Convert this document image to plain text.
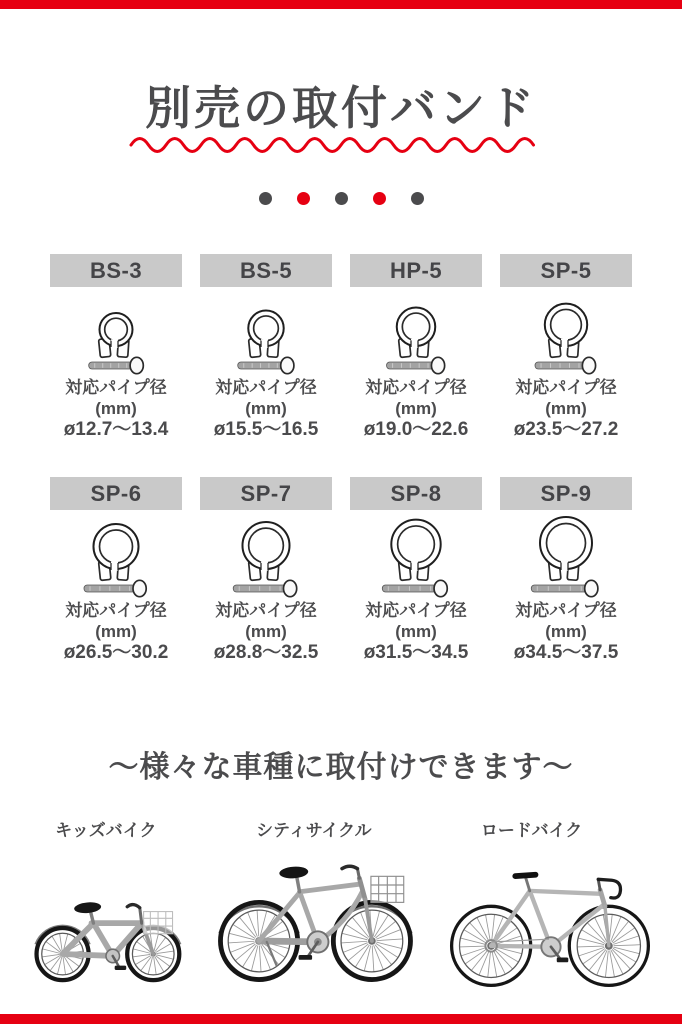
別売の取付バンド
BS-3
対応パイプ径
(mm)
ø12.7～13.4
BS-5
対応パイプ径
(mm)
ø15.5～16.5
HP-5
対応パイプ径
(mm)
ø19.0～22.6
SP-5
対応パイプ径
(mm)
ø23.5～27.2
SP-6
対応パイプ径
(mm)
ø26.5～30.2
SP-7
対応パイプ径
(mm)
ø28.8～32.5
SP-8
対応パイプ径
(mm)
ø31.5～34.5
SP-9
対応パイプ径
(mm)
ø34.5～37.5
～様々な車種に取付けできます～
キッズバイク	シティサイクル	ロードバイク
